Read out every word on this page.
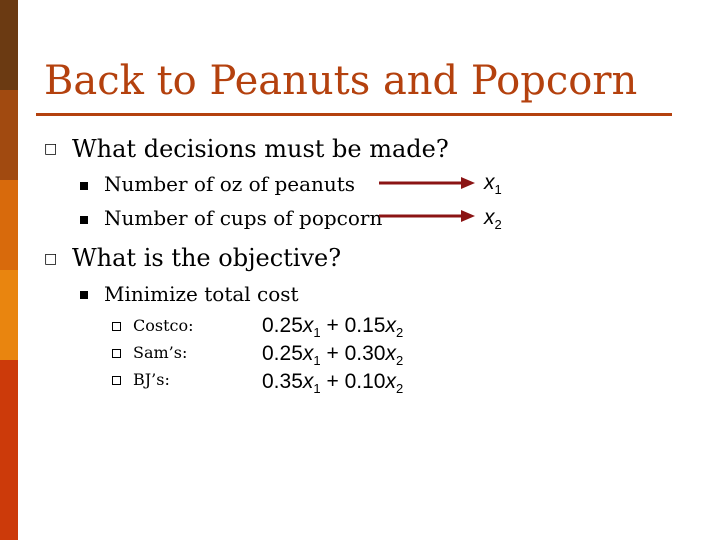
Back to Peanuts and Popcorn
□ What decisions must be made?
Number of oz of peanuts	$x_1$
Number of cups of popcorn	$x_2$
□ What is the objective?
Minimize total cost
Costco:	$0.25x_1 + 0.15x_2$
Sam’s:	$0.25x_1 + 0.30x_2$
BJ’s:	$0.35x_1 + 0.10x_2$
